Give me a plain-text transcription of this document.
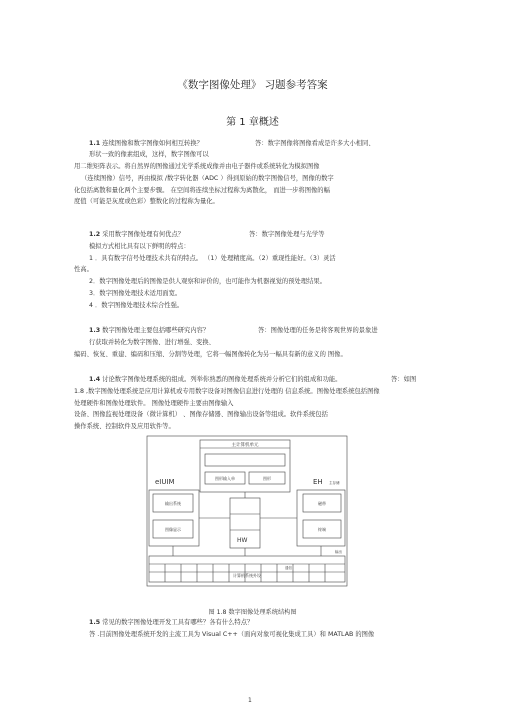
《数字图像处理》 习题参考答案
第 1 章概述
1.1 连续图像和数字图像如何相互转换？	答：数字图像将图像看成是许多大小相同、
形状一致的像素组成，这样，数字图像可以
用二维矩阵表示。将自然界的图像通过光学系统成像并由电子器件或系统转化为模拟图像
（连续图像）信号，再由模拟 /数字转化器（ADC ）得到原始的数字图像信号，图像的数字
化包括离散和量化两个主要步骤。 在空间将连续坐标过程称为离散化， 而进一步将图像的幅
度值（可能是灰度或色彩）整数化的过程称为量化。
1.2 采用数字图像处理有何优点？	答：数字图像处理与光学等
模拟方式相比具有以下鲜明的特点：
1 ．具有数字信号处理技术共有的特点。 （1）处理精度高。（2）重现性能好。（3）灵活
性高。
2．数字图像处理后的图像是供人观察和评价的，也可能作为机器视觉的预处理结果。
3．数字图像处理技术适用面宽。
4 ．数字图像处理技术综合性强。
1.3 数字图像处理主要包括哪些研究内容？	答：图像处理的任务是将客观世界的景象进
行获取并转化为数字图像、进行增强、变换、
编码、恢复、重建、编码和压缩、分割等处理，它将一幅图像转化为另一幅具有新的意义的 图像。
1.4 讨论数字图像处理系统的组成。列举你熟悉的图像处理系统并分析它们的组成和功能。	答：如图
1.8 ,数字图像处理系统是应用计算机或专用数字设备对图像信息进行处理的 信息系统。图像处理系统包括图像
处理硬件和图像处理软件。 图像处理硬件主要由图像输入
设备、图像监视处理设备（微计算机） 、图像存储器、图像输出设备等组成。软件系统包括
操作系统、控制软件及应用软件等。
主计算机单元
图形输入单	图形
eIUIM	EH 主存储
输出系统
图像显示
磁带
终端
HW
计算机系统外设
通信
输出
图 1.8 数字图像处理系统结构图
1.5 常见的数字图像处理开发工具有哪些？各有什么特点？
答 .目前图像处理系统开发的主流工具为 Visual C++（面向对象可视化集成工具）和 MATLAB 的图像
1
